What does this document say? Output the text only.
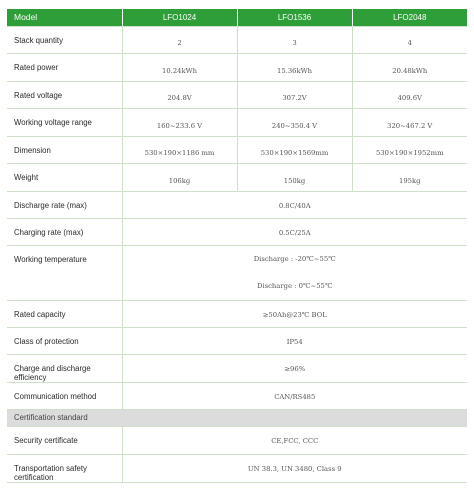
Model	LFO1024	LFO1536	LFO2048
Stack quantity	2	3	4
Rated power	10.24kWh	15.36kWh	20.48kWh
Rated voltage	204.8V	307.2V	409.6V
Working voltage range	160~233.6 V	240~350.4 V	320~467.2 V
Dimension	530×190×1186 mm	530×190×1569mm	530×190×1952mm
Weight	106kg	150kg	195kg
Discharge rate (max)	0.8C/40A		
Charging rate (max)	0.5C/25A		
Working temperature	Discharge : -20℃~55℃
Discharge : 0℃~55℃		

Rated capacity	≥50Ah@23℃ BOL		
Class of protection	IP54		
Charge and discharge efficiency	≥96%		
Communication method	CAN/RS485		
Certification standard			
Security certificate	CE,FCC, CCC		
Transportation safety certification	UN 38.3, UN 3480, Class 9		
